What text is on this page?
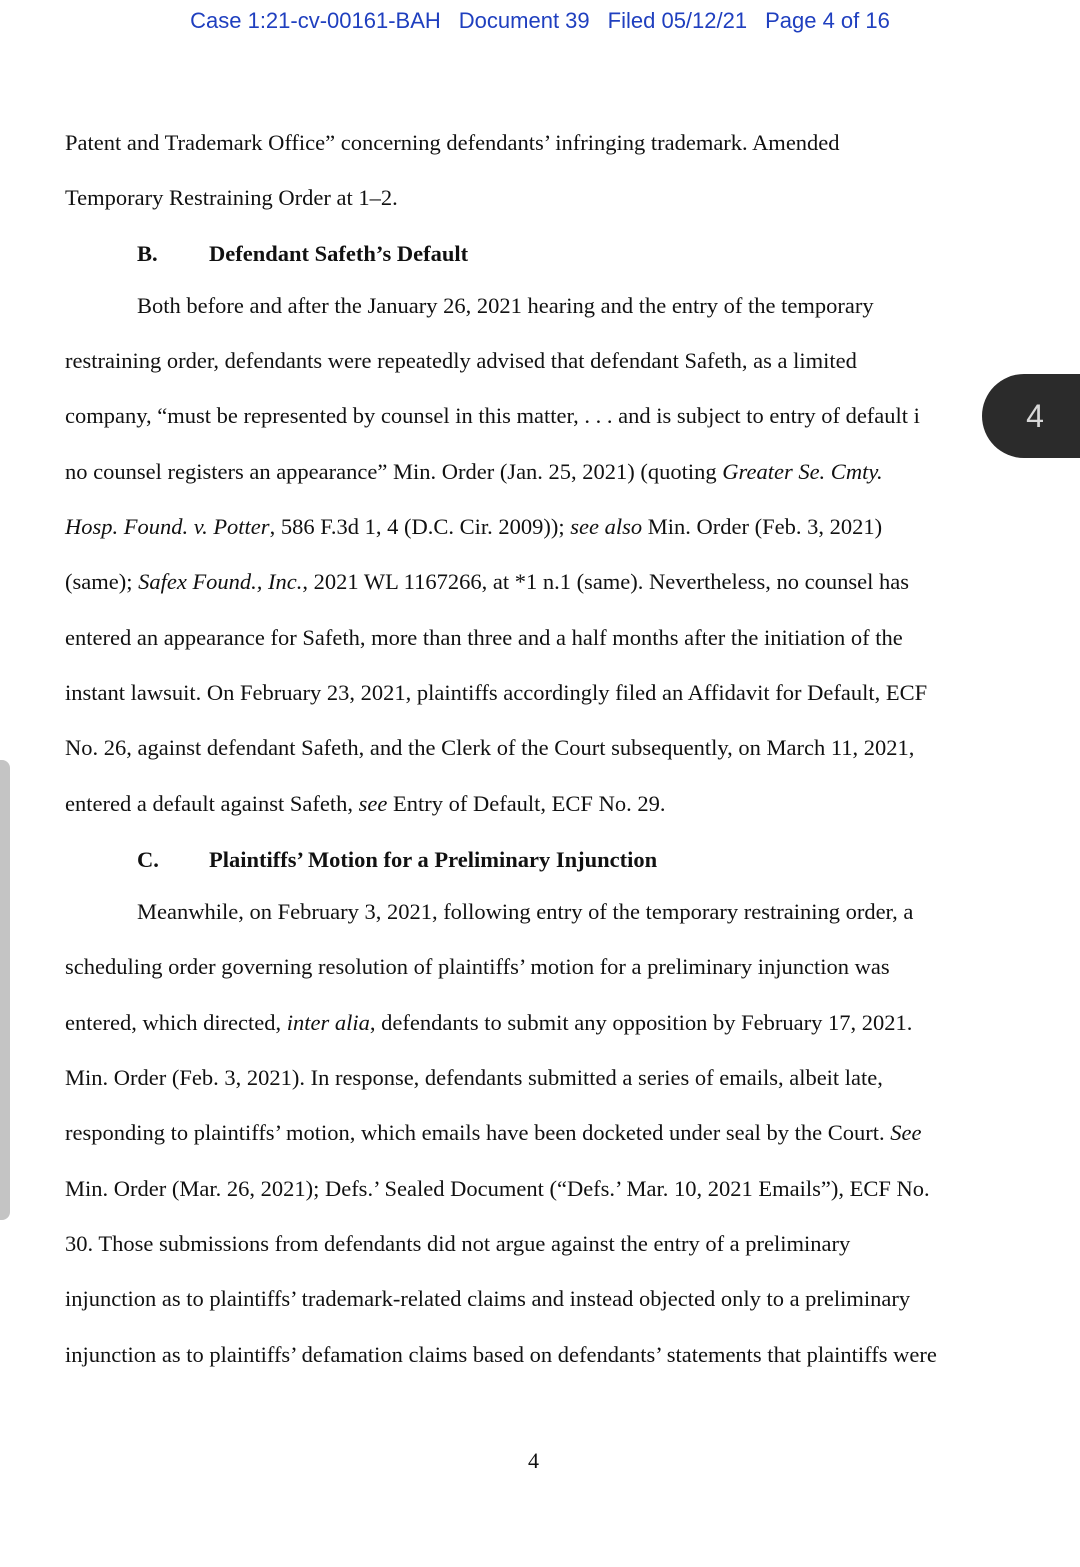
Case 1:21-cv-00161-BAH Document 39 Filed 05/12/21 Page 4 of 16
Patent and Trademark Office” concerning defendants’ infringing trademark. Amended
Temporary Restraining Order at 1–2.
B. Defendant Safeth’s Default
Both before and after the January 26, 2021 hearing and the entry of the temporary
restraining order, defendants were repeatedly advised that defendant Safeth, as a limited
company, “must be represented by counsel in this matter, . . . and is subject to entry of default i
no counsel registers an appearance” Min. Order (Jan. 25, 2021) (quoting Greater Se. Cmty.
Hosp. Found. v. Potter, 586 F.3d 1, 4 (D.C. Cir. 2009)); see also Min. Order (Feb. 3, 2021)
(same); Safex Found., Inc., 2021 WL 1167266, at *1 n.1 (same). Nevertheless, no counsel has
entered an appearance for Safeth, more than three and a half months after the initiation of the
instant lawsuit. On February 23, 2021, plaintiffs accordingly filed an Affidavit for Default, ECF
No. 26, against defendant Safeth, and the Clerk of the Court subsequently, on March 11, 2021,
entered a default against Safeth, see Entry of Default, ECF No. 29.
C. Plaintiffs’ Motion for a Preliminary Injunction
Meanwhile, on February 3, 2021, following entry of the temporary restraining order, a
scheduling order governing resolution of plaintiffs’ motion for a preliminary injunction was
entered, which directed, inter alia, defendants to submit any opposition by February 17, 2021.
Min. Order (Feb. 3, 2021). In response, defendants submitted a series of emails, albeit late,
responding to plaintiffs’ motion, which emails have been docketed under seal by the Court. See
Min. Order (Mar. 26, 2021); Defs.’ Sealed Document (“Defs.’ Mar. 10, 2021 Emails”), ECF No.
30. Those submissions from defendants did not argue against the entry of a preliminary
injunction as to plaintiffs’ trademark-related claims and instead objected only to a preliminary
injunction as to plaintiffs’ defamation claims based on defendants’ statements that plaintiffs were
4
4
